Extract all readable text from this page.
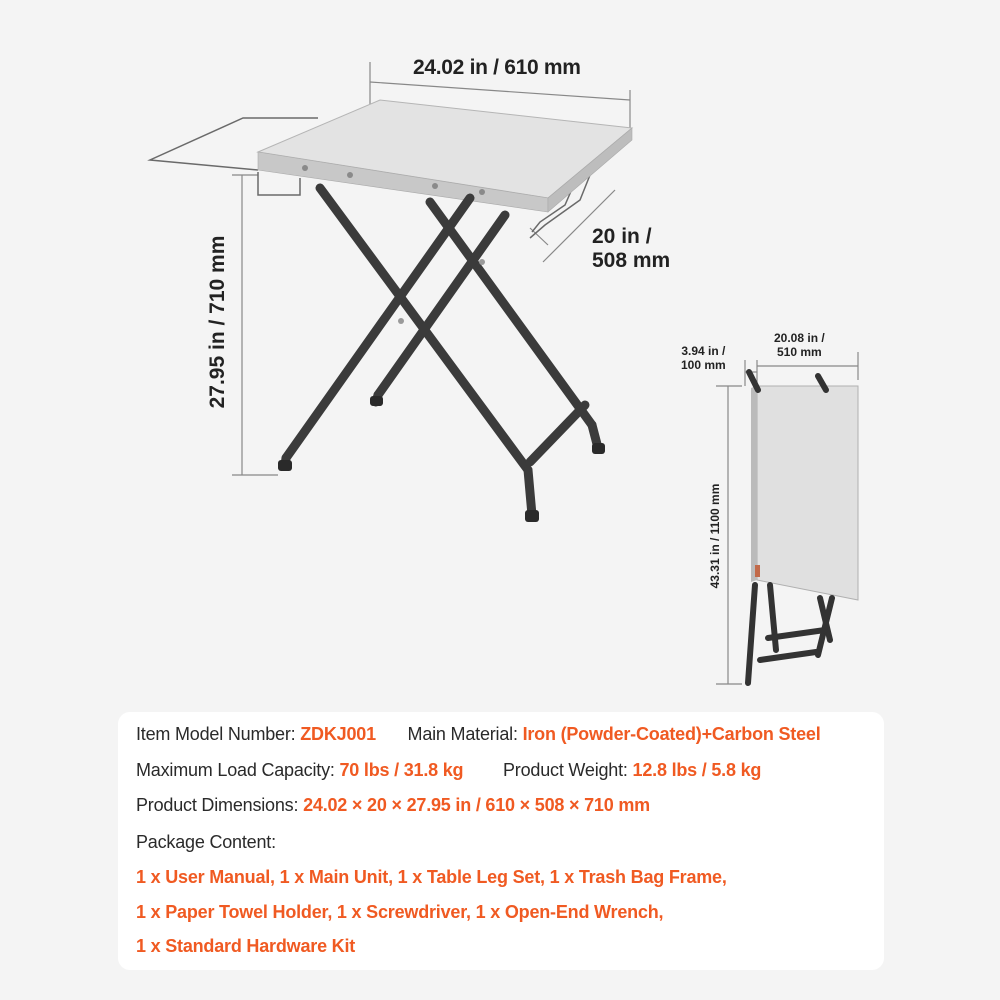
24.02 in / 610 mm
20 in /
508 mm
27.95 in / 710 mm	3.94 in /
100 mm
20.08 in /
510 mm
43.31 in / 1100 mm
Item Model Number: ZDKJ001 Main Material: Iron (Powder-Coated)+Carbon Steel
Maximum Load Capacity: 70 lbs / 31.8 kg Product Weight: 12.8 lbs / 5.8 kg
Product Dimensions: 24.02 × 20 × 27.95 in / 610 × 508 × 710 mm
Package Content:
1 x User Manual, 1 x Main Unit, 1 x Table Leg Set, 1 x Trash Bag Frame,
1 x Paper Towel Holder, 1 x Screwdriver, 1 x Open-End Wrench,
1 x Standard Hardware Kit
